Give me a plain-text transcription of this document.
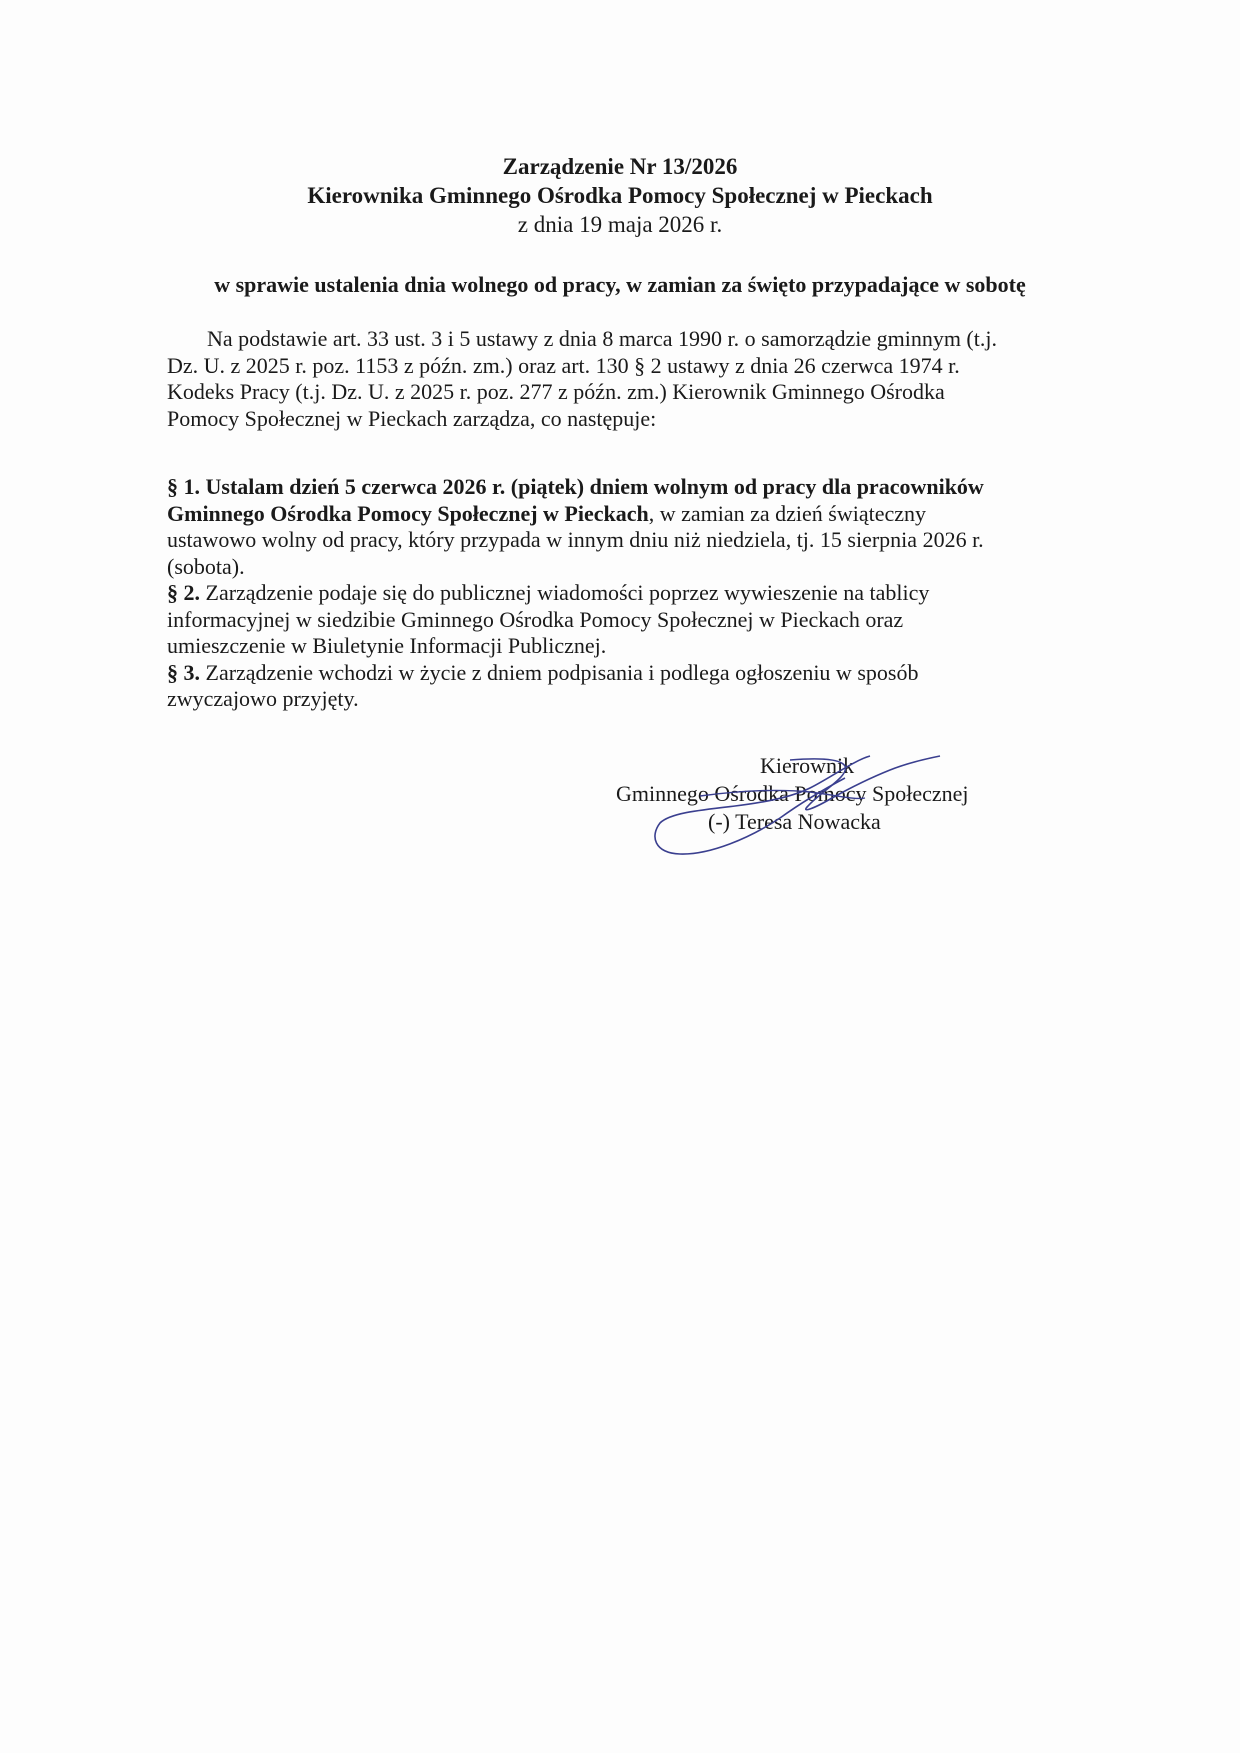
Zarządzenie Nr 13/2026
Kierownika Gminnego Ośrodka Pomocy Społecznej w Pieckach
z dnia 19 maja 2026 r.
w sprawie ustalenia dnia wolnego od pracy, w zamian za święto przypadające w sobotę
Na podstawie art. 33 ust. 3 i 5 ustawy z dnia 8 marca 1990 r. o samorządzie gminnym (t.j.
Dz. U. z 2025 r. poz. 1153 z późn. zm.) oraz art. 130 § 2 ustawy z dnia 26 czerwca 1974 r.
Kodeks Pracy (t.j. Dz. U. z 2025 r. poz. 277 z późn. zm.) Kierownik Gminnego Ośrodka
Pomocy Społecznej w Pieckach zarządza, co następuje:
§ 1. Ustalam dzień 5 czerwca 2026 r. (piątek) dniem wolnym od pracy dla pracowników
Gminnego Ośrodka Pomocy Społecznej w Pieckach, w zamian za dzień świąteczny
ustawowo wolny od pracy, który przypada w innym dniu niż niedziela, tj. 15 sierpnia 2026 r.
(sobota).
§ 2. Zarządzenie podaje się do publicznej wiadomości poprzez wywieszenie na tablicy
informacyjnej w siedzibie Gminnego Ośrodka Pomocy Społecznej w Pieckach oraz
umieszczenie w Biuletynie Informacji Publicznej.
§ 3. Zarządzenie wchodzi w życie z dniem podpisania i podlega ogłoszeniu w sposób
zwyczajowo przyjęty.
Kierownik
Gminnego Ośrodka Pomocy Społecznej
(-) Teresa Nowacka
